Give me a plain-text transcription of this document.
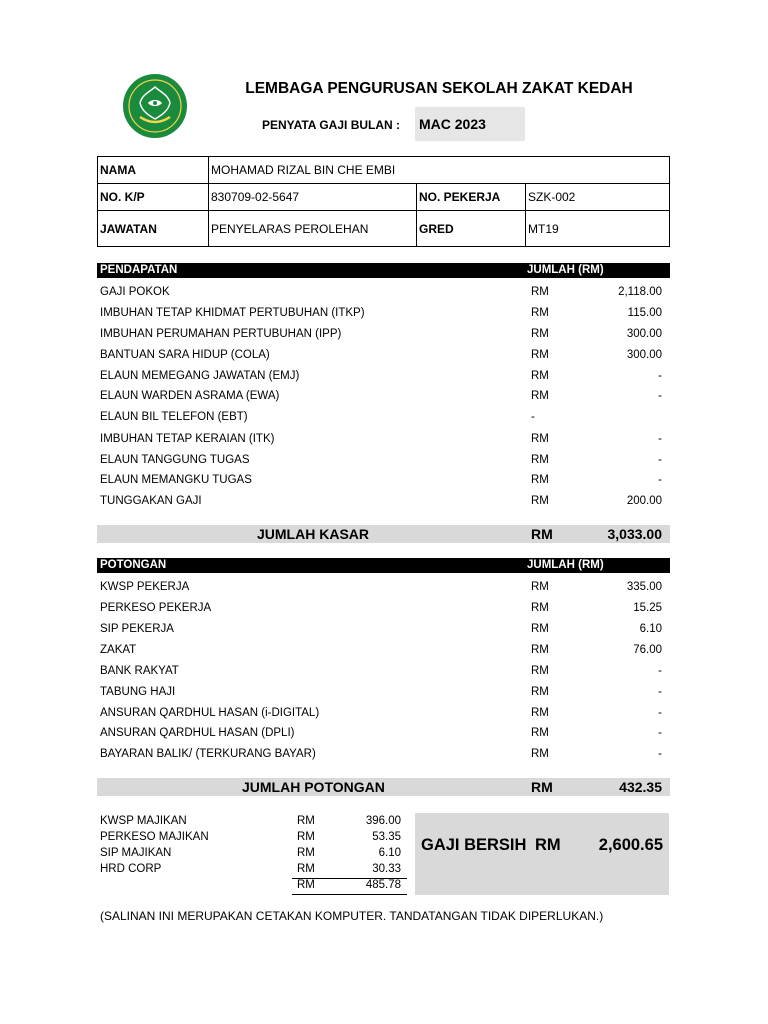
LEMBAGA PENGURUSAN SEKOLAH ZAKAT KEDAH
PENYATA GAJI BULAN : MAC 2023
NAMA	MOHAMAD RIZAL BIN CHE EMBI		
NO. K/P	830709-02-5647	NO. PEKERJA	SZK-002
JAWATAN	PENYELARAS PEROLEHAN	GRED	MT19
PENDAPATAN	JUMLAH (RM)
GAJI POKOK	RM	2,118.00
IMBUHAN TETAP KHIDMAT PERTUBUHAN (ITKP)	RM	115.00
IMBUHAN PERUMAHAN PERTUBUHAN (IPP)	RM	300.00
BANTUAN SARA HIDUP (COLA)	RM	300.00
ELAUN MEMEGANG JAWATAN (EMJ)	RM	-
ELAUN WARDEN ASRAMA (EWA)	RM	-
ELAUN BIL TELEFON (EBT)	-
IMBUHAN TETAP KERAIAN (ITK)	RM	-
ELAUN TANGGUNG TUGAS	RM	-
ELAUN MEMANGKU TUGAS	RM	-
TUNGGAKAN GAJI	RM	200.00
JUMLAH KASAR	RM	3,033.00
POTONGAN	JUMLAH (RM)
KWSP PEKERJA	RM	335.00
PERKESO PEKERJA	RM	15.25
SIP PEKERJA	RM	6.10
ZAKAT	RM	76.00
BANK RAKYAT	RM	-
TABUNG HAJI	RM	-
ANSURAN QARDHUL HASAN (i-DIGITAL)	RM	-
ANSURAN QARDHUL HASAN (DPLI)	RM	-
BAYARAN BALIK/ (TERKURANG BAYAR)	RM	-
JUMLAH POTONGAN	RM	432.35
KWSP MAJIKAN	RM	396.00
PERKESO MAJIKAN	RM	53.35
SIP MAJIKAN	RM	6.10
HRD CORP	RM	30.33
RM	485.78
GAJI BERSIH RM 2,600.65
(SALINAN INI MERUPAKAN CETAKAN KOMPUTER. TANDATANGAN TIDAK DIPERLUKAN.)
